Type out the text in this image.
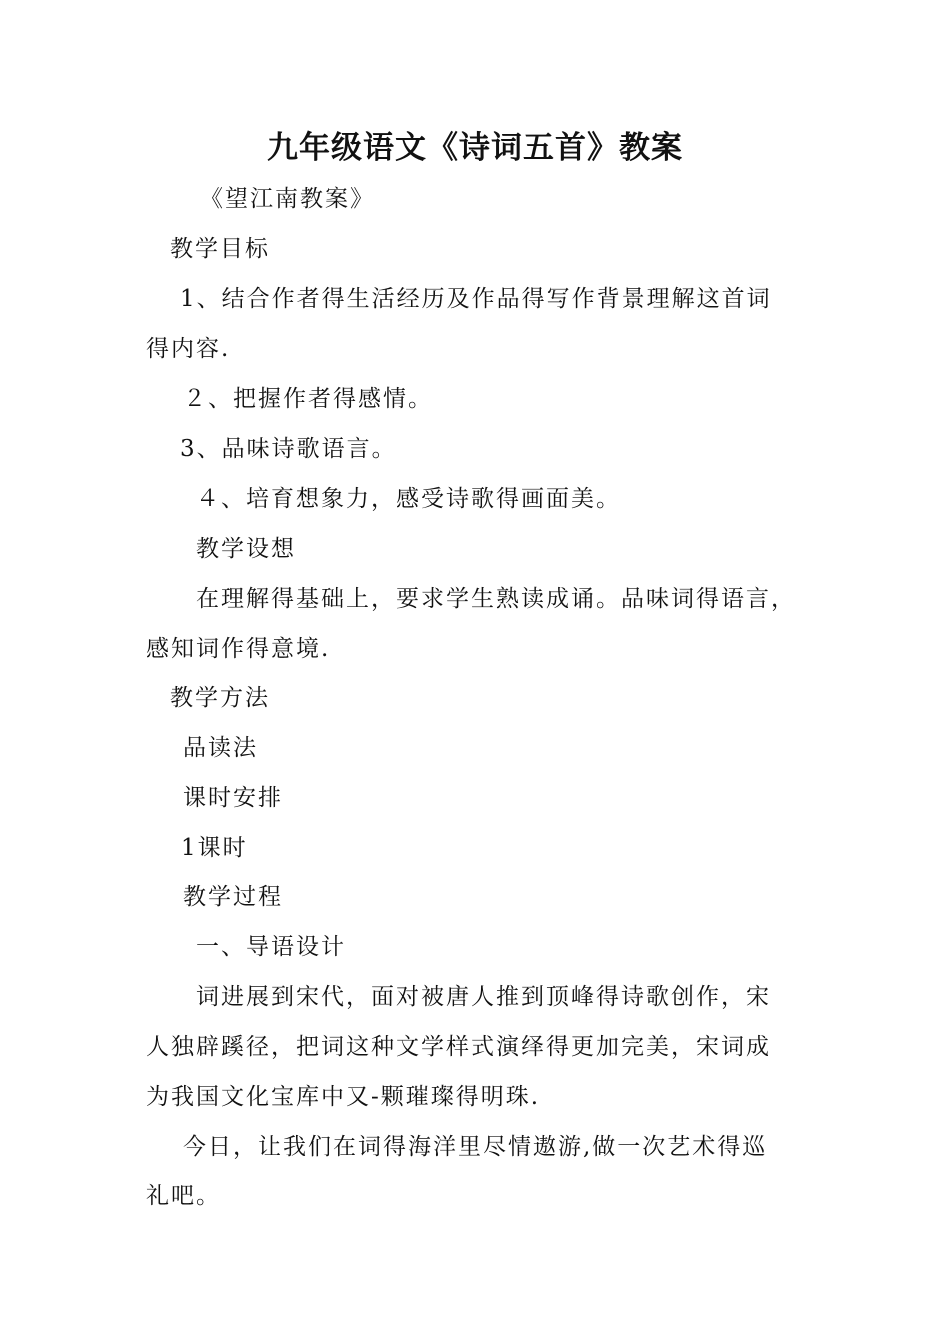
九年级语文《诗词五首》教案
《望江南教案》
教学目标
1、结合作者得生活经历及作品得写作背景理解这首词
得内容.
２、把握作者得感情。
3、品味诗歌语言。
４、培育想象力，感受诗歌得画面美。
教学设想
在理解得基础上，要求学生熟读成诵。品味词得语言，
感知词作得意境.
教学方法
品读法
课时安排
1课时
教学过程
一、导语设计
词进展到宋代，面对被唐人推到顶峰得诗歌创作，宋
人独辟蹊径，把词这种文学样式演绎得更加完美，宋词成
为我国文化宝库中又-颗璀璨得明珠.
今日，让我们在词得海洋里尽情遨游,做一次艺术得巡
礼吧。
